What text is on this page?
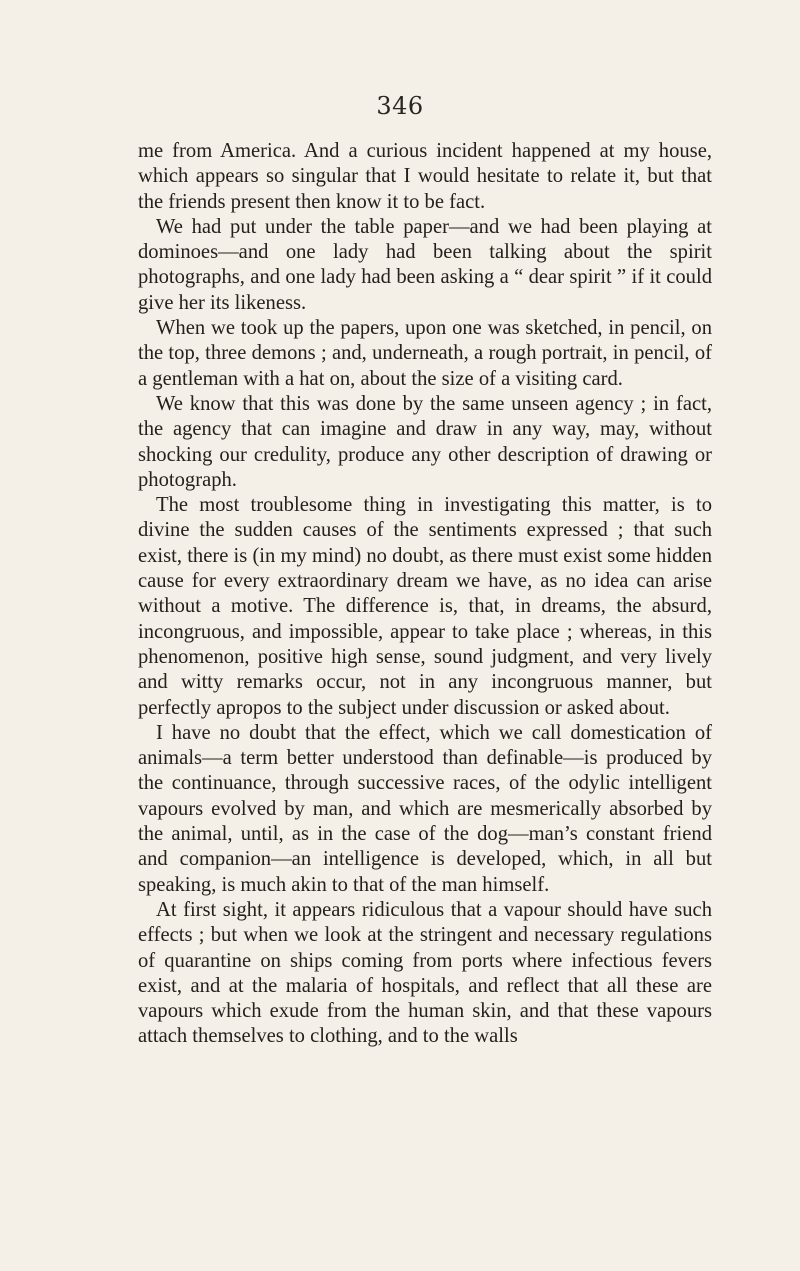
346

me from America. And a curious incident happened at my house, which appears so singular that I would hesitate to relate it, but that the friends present then know it to be fact.

We had put under the table paper—and we had been playing at dominoes—and one lady had been talking about the spirit photographs, and one lady had been asking a “ dear spirit ” if it could give her its likeness.

When we took up the papers, upon one was sketched, in pencil, on the top, three demons ; and, underneath, a rough portrait, in pencil, of a gentleman with a hat on, about the size of a visiting card.

We know that this was done by the same unseen agency ; in fact, the agency that can imagine and draw in any way, may, without shocking our credulity, produce any other description of drawing or photograph.

The most troublesome thing in investigating this matter, is to divine the sudden causes of the sentiments expressed ; that such exist, there is (in my mind) no doubt, as there must exist some hidden cause for every extraordinary dream we have, as no idea can arise without a motive. The difference is, that, in dreams, the absurd, incongruous, and impossible, appear to take place ; whereas, in this phenomenon, positive high sense, sound judgment, and very lively and witty remarks occur, not in any incongruous manner, but perfectly apropos to the subject under discussion or asked about.

I have no doubt that the effect, which we call domestication of animals—a term better understood than definable—is produced by the continuance, through successive races, of the odylic intelligent vapours evolved by man, and which are mesmerically absorbed by the animal, until, as in the case of the dog—man’s constant friend and companion—an intelligence is developed, which, in all but speaking, is much akin to that of the man himself.

At first sight, it appears ridiculous that a vapour should have such effects ; but when we look at the stringent and necessary regulations of quarantine on ships coming from ports where infectious fevers exist, and at the malaria of hospitals, and reflect that all these are vapours which exude from the human skin, and that these vapours attach themselves to clothing, and to the walls
